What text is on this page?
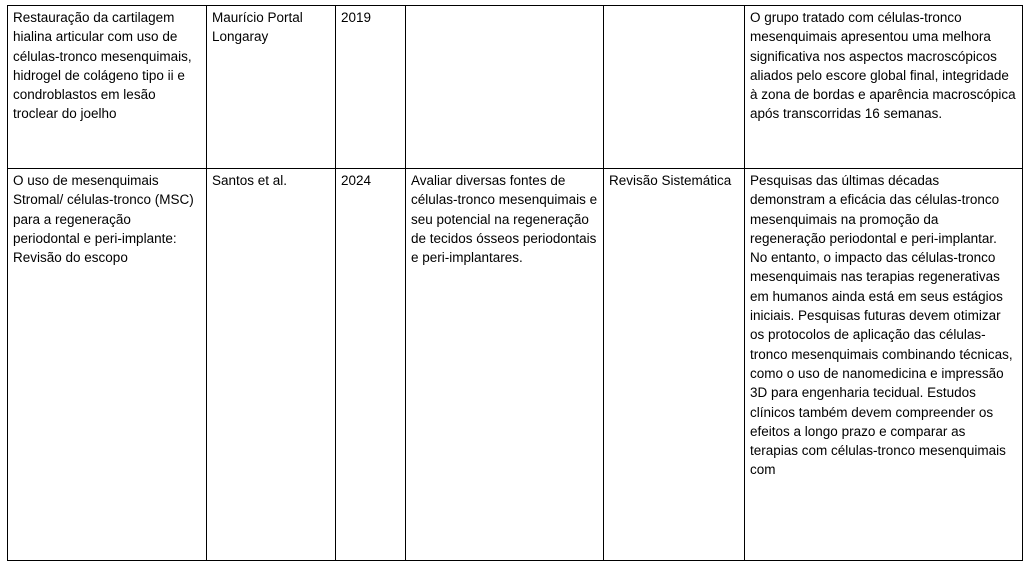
Restauração da cartilagem hialina articular com uso de células-tronco mesenquimais, hidrogel de colágeno tipo ii e condroblastos em lesão troclear do joelho	Maurício Portal Longaray	2019			O grupo tratado com células-tronco mesenquimais apresentou uma melhora significativa nos aspectos macroscópicos aliados pelo escore global final, integridade à zona de bordas e aparência macroscópica após transcorridas 16 semanas.
O uso de mesenquimais Stromal/ células-tronco (MSC) para a regeneração periodontal e peri-implante: Revisão do escopo	Santos et al.	2024	Avaliar diversas fontes de células-tronco mesenquimais e seu potencial na regeneração de tecidos ósseos periodontais e peri-implantares.	Revisão Sistemática	Pesquisas das últimas décadas demonstram a eficácia das células-tronco mesenquimais na promoção da regeneração periodontal e peri-implantar. No entanto, o impacto das células-tronco mesenquimais nas terapias regenerativas em humanos ainda está em seus estágios iniciais. Pesquisas futuras devem otimizar os protocolos de aplicação das células-tronco mesenquimais combinando técnicas, como o uso de nanomedicina e impressão 3D para engenharia tecidual. Estudos clínicos também devem compreender os efeitos a longo prazo e comparar as terapias com células-tronco mesenquimais com
